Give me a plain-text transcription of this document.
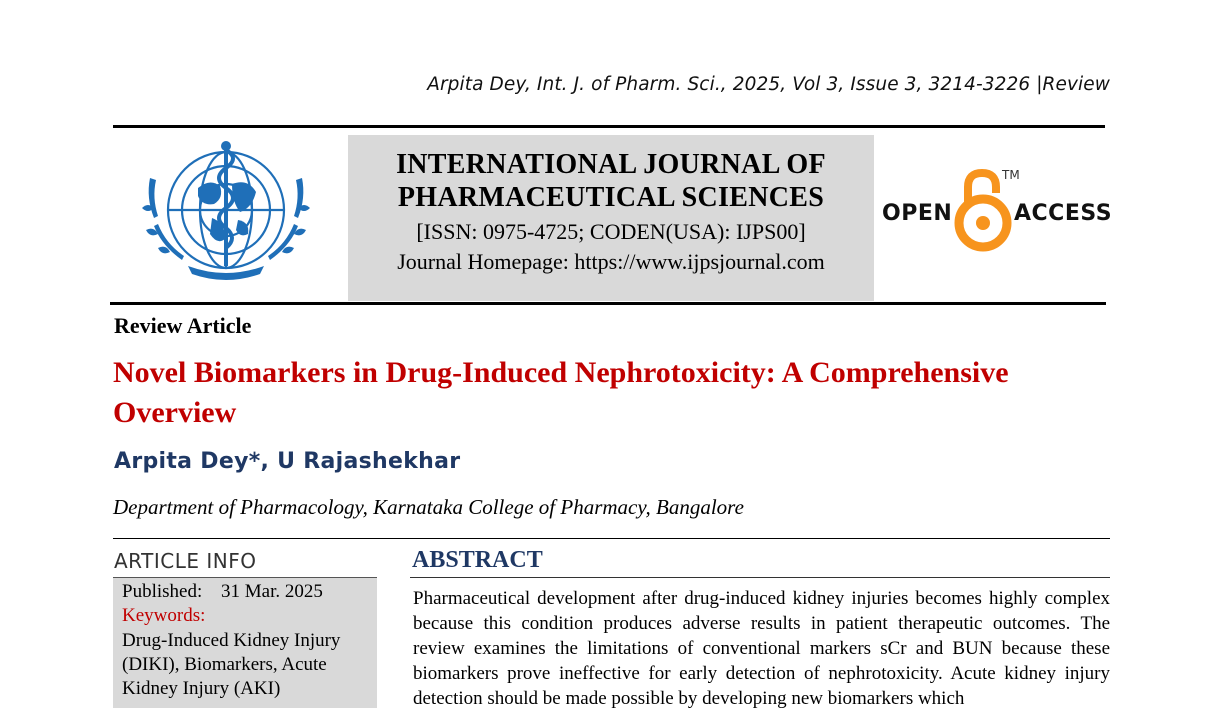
Arpita Dey, Int. J. of Pharm. Sci., 2025, Vol 3, Issue 3, 3214-3226 |Review
INTERNATIONAL JOURNAL OF
PHARMACEUTICAL SCIENCES
[ISSN: 0975-4725; CODEN(USA): IJPS00]
Journal Homepage: https://www.ijpsjournal.com
OPEN
TM
ACCESS
Review Article
Novel Biomarkers in Drug-Induced Nephrotoxicity: A Comprehensive Overview
Arpita Dey*, U Rajashekhar
Department of Pharmacology, Karnataka College of Pharmacy, Bangalore
ARTICLE INFO
Published: 31 Mar. 2025
Keywords:
Drug-Induced Kidney Injury
(DIKI), Biomarkers, Acute
Kidney Injury (AKI)
ABSTRACT
Pharmaceutical development after drug-induced kidney injuries becomes highly complex because this condition produces adverse results in patient therapeutic outcomes. The review examines the limitations of conventional markers sCr and BUN because these biomarkers prove ineffective for early detection of nephrotoxicity. Acute kidney injury detection should be made possible by developing new biomarkers which
